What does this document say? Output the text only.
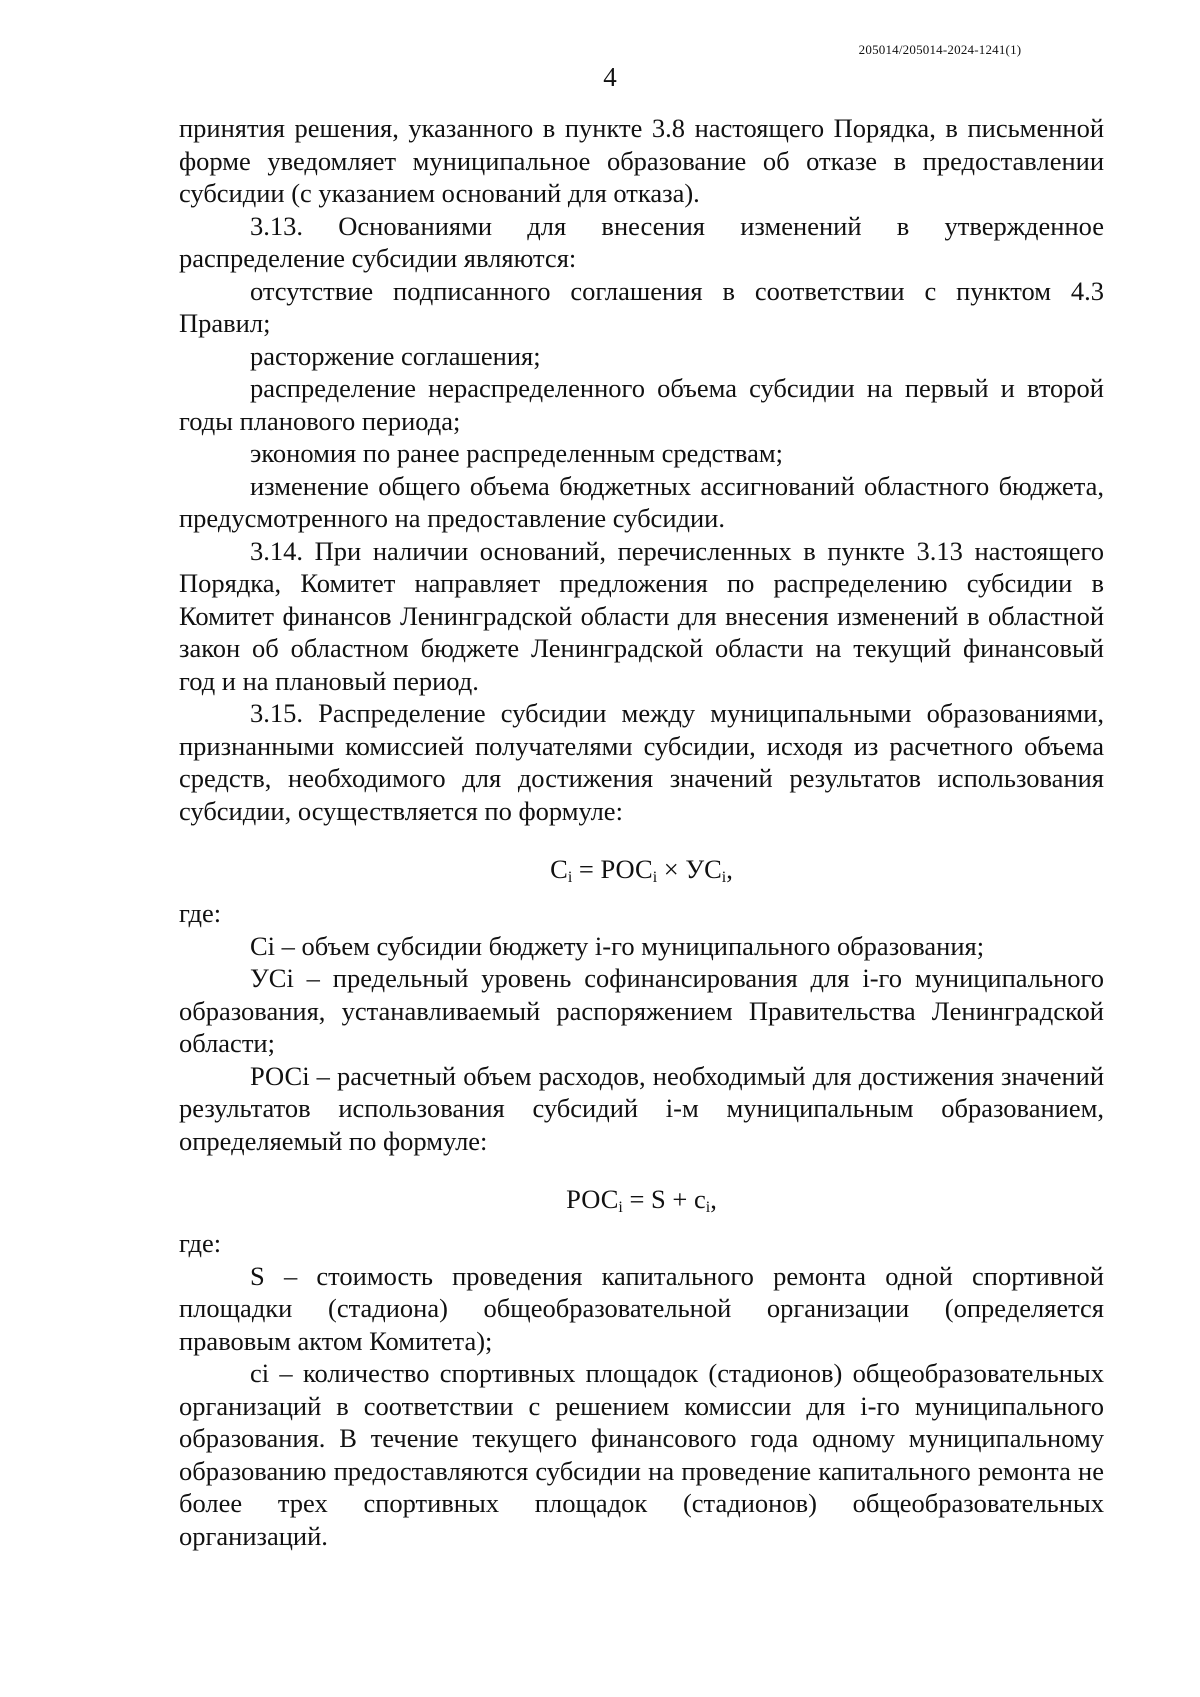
205014/205014-2024-1241(1)
4

принятия решения, указанного в пункте 3.8 настоящего Порядка, в письменной форме уведомляет муниципальное образование об отказе в предоставлении субсидии (с указанием оснований для отказа).

3.13. Основаниями для внесения изменений в утвержденное распределение субсидии являются:

отсутствие подписанного соглашения в соответствии с пунктом 4.3 Правил;

расторжение соглашения;

распределение нераспределенного объема субсидии на первый и второй годы планового периода;

экономия по ранее распределенным средствам;

изменение общего объема бюджетных ассигнований областного бюджета, предусмотренного на предоставление субсидии.

3.14. При наличии оснований, перечисленных в пункте 3.13 настоящего Порядка, Комитет направляет предложения по распределению субсидии в Комитет финансов Ленинградской области для внесения изменений в областной закон об областном бюджете Ленинградской области на текущий финансовый год и на плановый период.

3.15. Распределение субсидии между муниципальными образованиями, признанными комиссией получателями субсидии, исходя из расчетного объема средств, необходимого для достижения значений результатов использования субсидии, осуществляется по формуле:

$C_i = РОС_i \times УС_i$,

где:

Ci – объем субсидии бюджету i-го муниципального образования;

УСi – предельный уровень софинансирования для i-го муниципального образования, устанавливаемый распоряжением Правительства Ленинградской области;

РОСi – расчетный объем расходов, необходимый для достижения значений результатов использования субсидий i-м муниципальным образованием, определяемый по формуле:

$РОС_i = S + c_i$,

где:

S – стоимость проведения капитального ремонта одной спортивной площадки (стадиона) общеобразовательной организации (определяется правовым актом Комитета);

ci – количество спортивных площадок (стадионов) общеобразовательных организаций в соответствии с решением комиссии для i-го муниципального образования. В течение текущего финансового года одному муниципальному образованию предоставляются субсидии на проведение капитального ремонта не более трех спортивных площадок (стадионов) общеобразовательных организаций.
